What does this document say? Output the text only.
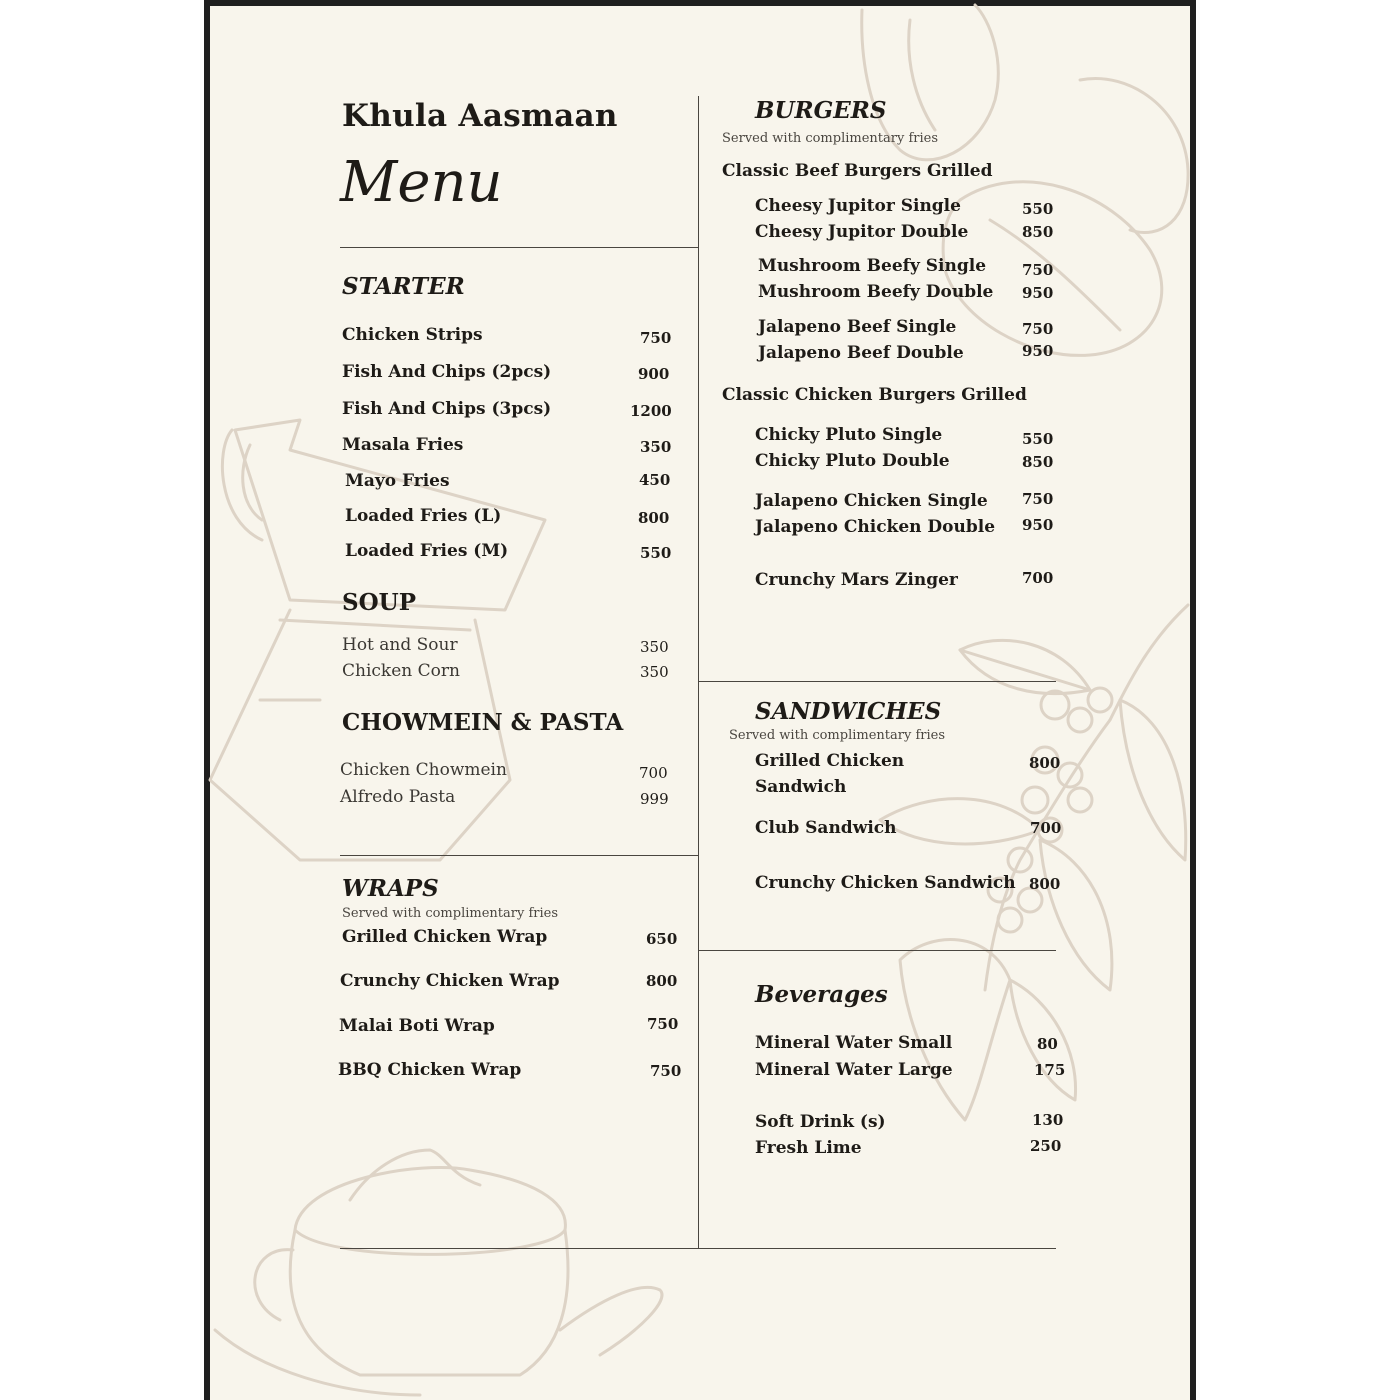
Khula Aasmaan
Menu
STARTER
Chicken Strips	750
Fish And Chips (2pcs)	900
Fish And Chips (3pcs)	1200
Masala Fries	350
Mayo Fries	450
Loaded Fries (L)	800
Loaded Fries (M)	550
SOUP
Hot and Sour	350
Chicken Corn	350
CHOWMEIN & PASTA
Chicken Chowmein	700
Alfredo Pasta	999
WRAPS
Served with complimentary fries
Grilled Chicken Wrap	650
Crunchy Chicken Wrap	800
Malai Boti Wrap	750
BBQ Chicken Wrap	750
BURGERS
Served with complimentary fries
Classic Beef Burgers Grilled
Cheesy Jupitor Single	550
Cheesy Jupitor Double	850
Mushroom Beefy Single 750
Mushroom Beefy Double 950
Jalapeno Beef Single	750
Jalapeno Beef Double	950
Classic Chicken Burgers Grilled
Chicky Pluto Single	550
Chicky Pluto Double	850
Jalapeno Chicken Single 750
Jalapeno Chicken Double 950
Crunchy Mars Zinger	700
SANDWICHES
Served with complimentary fries
Grilled Chicken
Sandwich
800
Club Sandwich	700
Crunchy Chicken Sandwich 800
Beverages
Mineral Water Small	80
Mineral Water Large	175
Soft Drink (s)	130
Fresh Lime	250
